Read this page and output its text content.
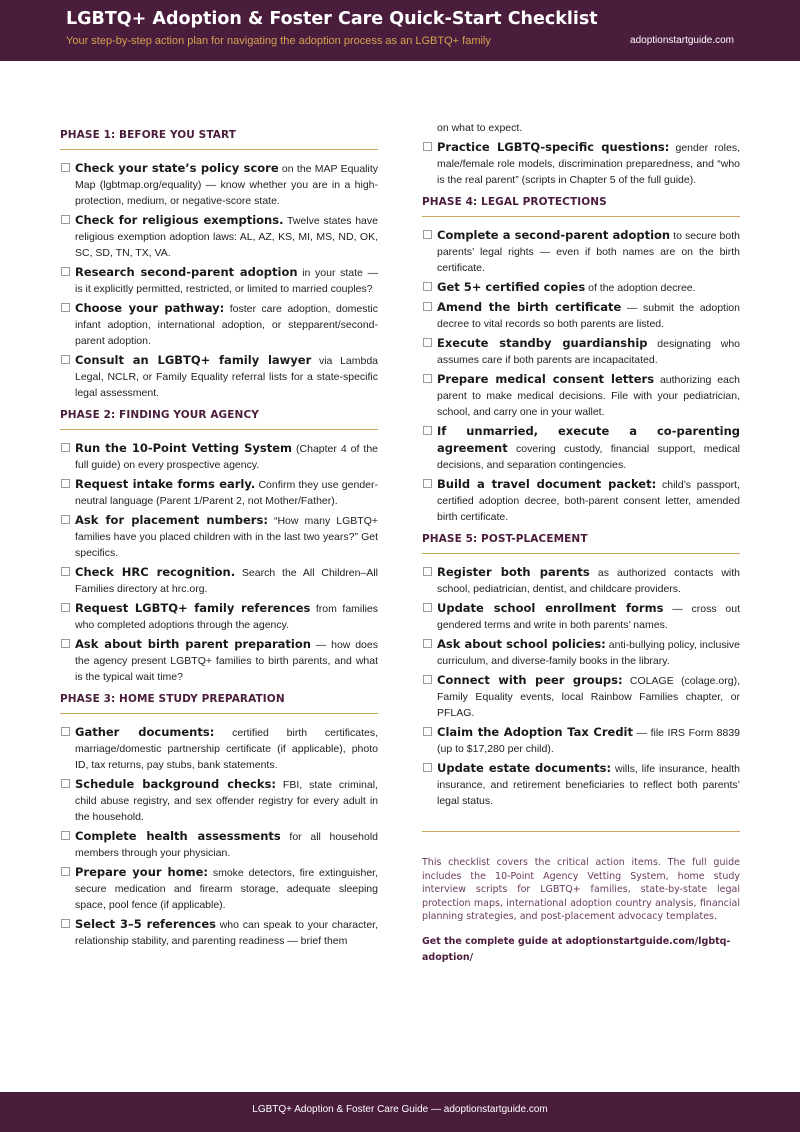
LGBTQ+ Adoption & Foster Care Quick-Start Checklist
Your step-by-step action plan for navigating the adoption process as an LGBTQ+ family	adoptionstartguide.com
PHASE 1: BEFORE YOU START
Check your state’s policy score on the MAP Equality Map (lgbtmap.org/equality) — know whether you are in a high-protection, medium, or negative-score state.
Check for religious exemptions. Twelve states have religious exemption adoption laws: AL, AZ, KS, MI, MS, ND, OK, SC, SD, TN, TX, VA.
Research second-parent adoption in your state — is it explicitly permitted, restricted, or limited to married couples?
Choose your pathway: foster care adoption, domestic infant adoption, international adoption, or stepparent/second-parent adoption.
Consult an LGBTQ+ family lawyer via Lambda Legal, NCLR, or Family Equality referral lists for a state-specific legal assessment.
PHASE 2: FINDING YOUR AGENCY
Run the 10-Point Vetting System (Chapter 4 of the full guide) on every prospective agency.
Request intake forms early. Confirm they use gender-neutral language (Parent 1/Parent 2, not Mother/Father).
Ask for placement numbers: “How many LGBTQ+ families have you placed children with in the last two years?” Get specifics.
Check HRC recognition. Search the All Children–All Families directory at hrc.org.
Request LGBTQ+ family references from families who completed adoptions through the agency.
Ask about birth parent preparation — how does the agency present LGBTQ+ families to birth parents, and what is the typical wait time?
PHASE 3: HOME STUDY PREPARATION
Gather documents: certified birth certificates, marriage/domestic partnership certificate (if applicable), photo ID, tax returns, pay stubs, bank statements.
Schedule background checks: FBI, state criminal, child abuse registry, and sex offender registry for every adult in the household.
Complete health assessments for all household members through your physician.
Prepare your home: smoke detectors, fire extinguisher, secure medication and firearm storage, adequate sleeping space, pool fence (if applicable).
Select 3–5 references who can speak to your character, relationship stability, and parenting readiness — brief them
on what to expect.
Practice LGBTQ-specific questions: gender roles, male/female role models, discrimination preparedness, and “who is the real parent” (scripts in Chapter 5 of the full guide).
PHASE 4: LEGAL PROTECTIONS
Complete a second-parent adoption to secure both parents’ legal rights — even if both names are on the birth certificate.
Get 5+ certified copies of the adoption decree.
Amend the birth certificate — submit the adoption decree to vital records so both parents are listed.
Execute standby guardianship designating who assumes care if both parents are incapacitated.
Prepare medical consent letters authorizing each parent to make medical decisions. File with your pediatrician, school, and carry one in your wallet.
If unmarried, execute a co-parenting agreement covering custody, financial support, medical decisions, and separation contingencies.
Build a travel document packet: child’s passport, certified adoption decree, both-parent consent letter, amended birth certificate.
PHASE 5: POST-PLACEMENT
Register both parents as authorized contacts with school, pediatrician, dentist, and childcare providers.
Update school enrollment forms — cross out gendered terms and write in both parents’ names.
Ask about school policies: anti-bullying policy, inclusive curriculum, and diverse-family books in the library.
Connect with peer groups: COLAGE (colage.org), Family Equality events, local Rainbow Families chapter, or PFLAG.
Claim the Adoption Tax Credit — file IRS Form 8839 (up to $17,280 per child).
Update estate documents: wills, life insurance, health insurance, and retirement beneficiaries to reflect both parents’ legal status.
This checklist covers the critical action items. The full guide includes the 10-Point Agency Vetting System, home study interview scripts for LGBTQ+ families, state-by-state legal protection maps, international adoption country analysis, financial planning strategies, and post-placement advocacy templates.
Get the complete guide at adoptionstartguide.com/lgbtq-adoption/
LGBTQ+ Adoption & Foster Care Guide — adoptionstartguide.com
